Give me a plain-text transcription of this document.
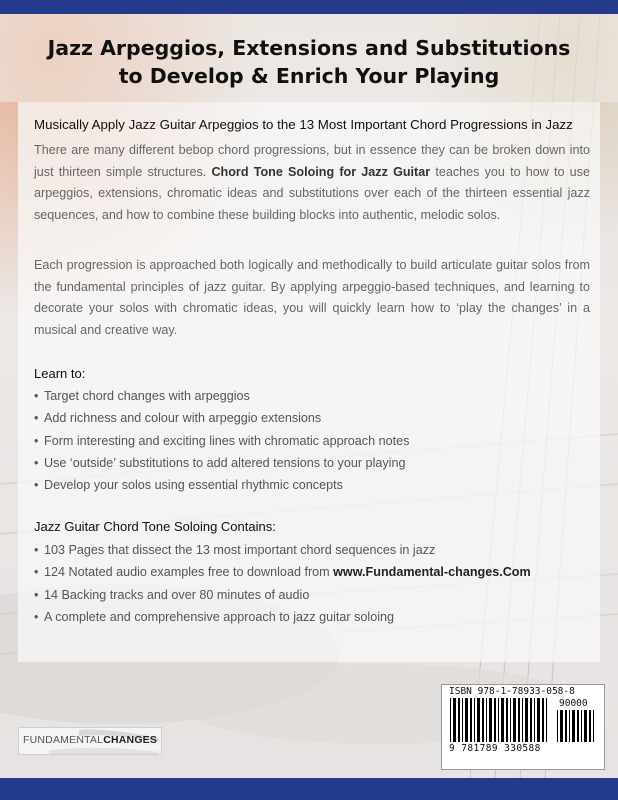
Jazz Arpeggios, Extensions and Substitutions
to Develop & Enrich Your Playing
Musically Apply Jazz Guitar Arpeggios to the 13 Most Important Chord Progressions in Jazz
There are many different bebop chord progressions, but in essence they can be broken down into just thirteen simple structures. Chord Tone Soloing for Jazz Guitar teaches you to how to use arpeggios, extensions, chromatic ideas and substitutions over each of the thirteen essential jazz sequences, and how to combine these building blocks into authentic, melodic solos.
Each progression is approached both logically and methodically to build articulate guitar solos from the fundamental principles of jazz guitar. By applying arpeggio-based techniques, and learning to decorate your solos with chromatic ideas, you will quickly learn how to ‘play the changes’ in a musical and creative way.
Learn to:
• Target chord changes with arpeggios
• Add richness and colour with arpeggio extensions
• Form interesting and exciting lines with chromatic approach notes
• Use ‘outside’ substitutions to add altered tensions to your playing
• Develop your solos using essential rhythmic concepts
Jazz Guitar Chord Tone Soloing Contains:
• 103 Pages that dissect the 13 most important chord sequences in jazz
• 124 Notated audio examples free to download from www.Fundamental-changes.Com
• 14 Backing tracks and over 80 minutes of audio
• A complete and comprehensive approach to jazz guitar soloing
FUNDAMENTALCHANGES
ISBN 978-1-78933-058-8
90000
9 781789 330588
